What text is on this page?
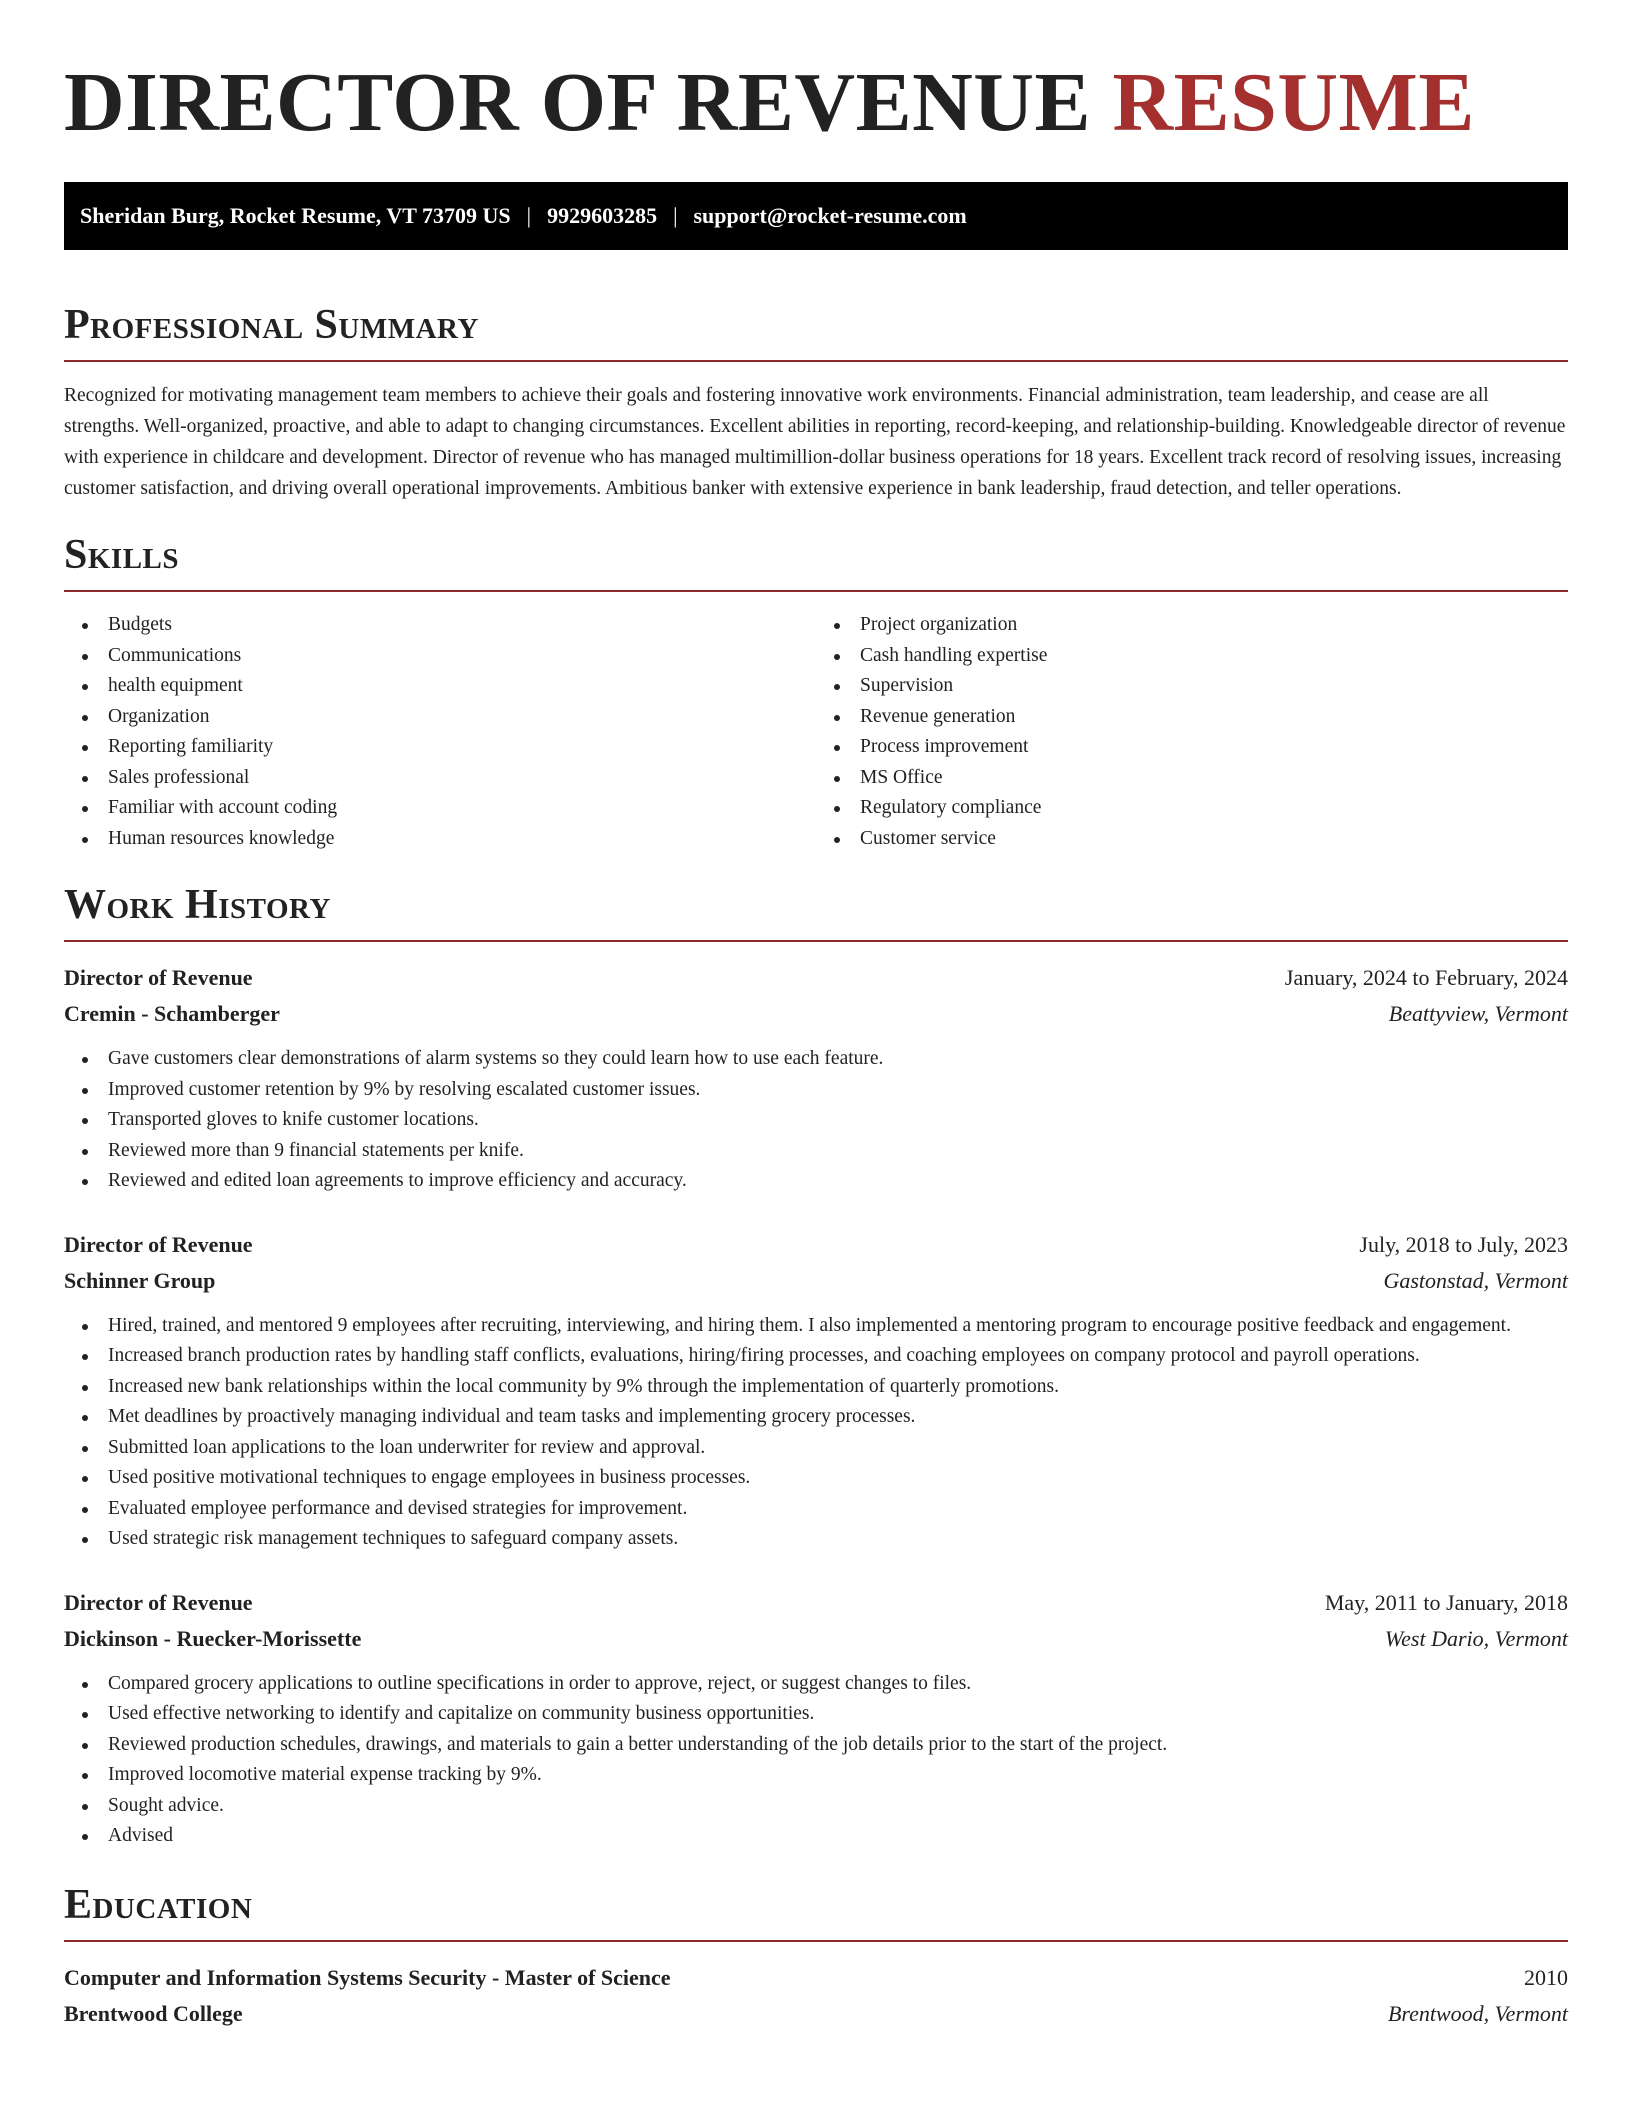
DIRECTOR OF REVENUE RESUME
Sheridan Burg, Rocket Resume, VT 73709 US | 9929603285 | support@rocket-resume.com
Professional Summary

Recognized for motivating management team members to achieve their goals and fostering innovative work environments. Financial administration, team leadership, and cease are all strengths. Well-organized, proactive, and able to adapt to changing circumstances. Excellent abilities in reporting, record-keeping, and relationship-building. Knowledgeable director of revenue with experience in childcare and development. Director of revenue who has managed multimillion-dollar business operations for 18 years. Excellent track record of resolving issues, increasing customer satisfaction, and driving overall operational improvements. Ambitious banker with extensive experience in bank leadership, fraud detection, and teller operations.

Skills
Budgets
Communications
health equipment
Organization
Reporting familiarity
Sales professional
Familiar with account coding
Human resources knowledge
Project organization
Cash handling expertise
Supervision
Revenue generation
Process improvement
MS Office
Regulatory compliance
Customer service
Work History
Director of Revenue	January, 2024 to February, 2024
Cremin - Schamberger	Beattyview, Vermont
Gave customers clear demonstrations of alarm systems so they could learn how to use each feature.
Improved customer retention by 9% by resolving escalated customer issues.
Transported gloves to knife customer locations.
Reviewed more than 9 financial statements per knife.
Reviewed and edited loan agreements to improve efficiency and accuracy.
Director of Revenue	July, 2018 to July, 2023
Schinner Group	Gastonstad, Vermont
Hired, trained, and mentored 9 employees after recruiting, interviewing, and hiring them. I also implemented a mentoring program to encourage positive feedback and engagement.
Increased branch production rates by handling staff conflicts, evaluations, hiring/firing processes, and coaching employees on company protocol and payroll operations.
Increased new bank relationships within the local community by 9% through the implementation of quarterly promotions.
Met deadlines by proactively managing individual and team tasks and implementing grocery processes.
Submitted loan applications to the loan underwriter for review and approval.
Used positive motivational techniques to engage employees in business processes.
Evaluated employee performance and devised strategies for improvement.
Used strategic risk management techniques to safeguard company assets.
Director of Revenue	May, 2011 to January, 2018
Dickinson - Ruecker-Morissette	West Dario, Vermont
Compared grocery applications to outline specifications in order to approve, reject, or suggest changes to files.
Used effective networking to identify and capitalize on community business opportunities.
Reviewed production schedules, drawings, and materials to gain a better understanding of the job details prior to the start of the project.
Improved locomotive material expense tracking by 9%.
Sought advice.
Advised
Education
Computer and Information Systems Security - Master of Science	2010
Brentwood College	Brentwood, Vermont
